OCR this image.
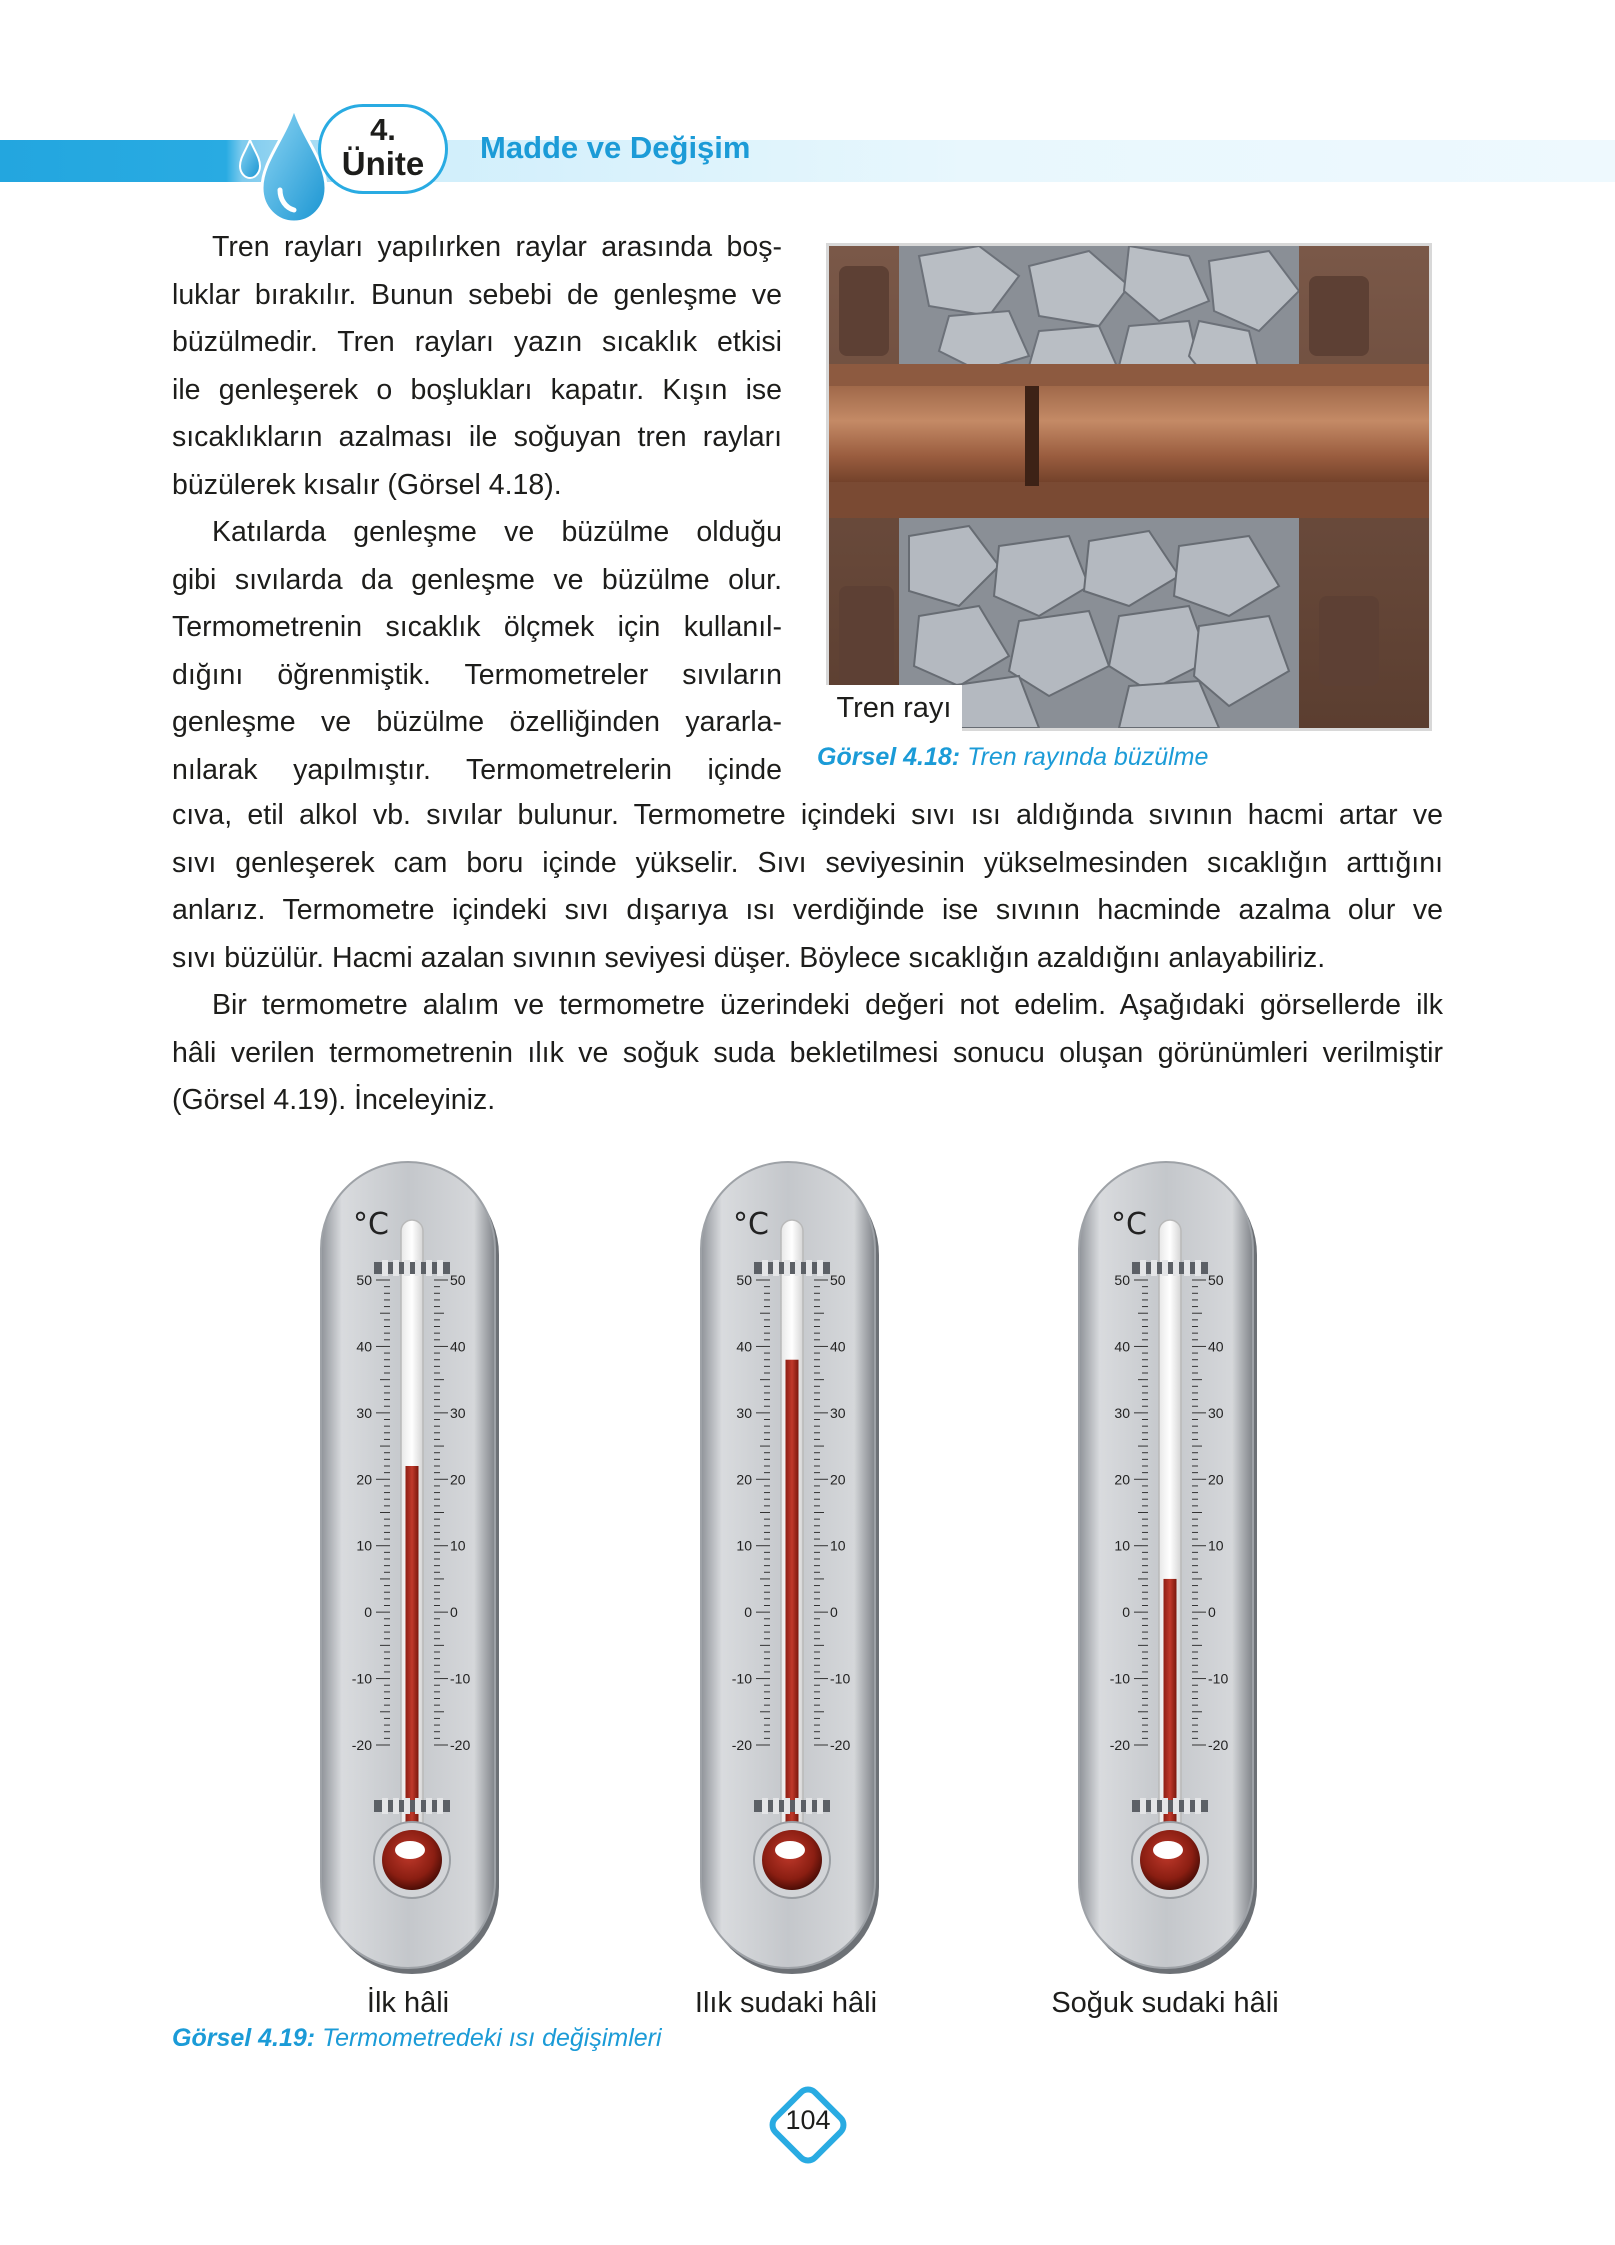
4.
Ünite	Madde ve Değişim

Tren rayları yapılırken raylar arasında boş-
luklar bırakılır. Bunun sebebi de genleşme ve
büzülmedir. Tren rayları yazın sıcaklık etkisi
ile genleşerek o boşlukları kapatır. Kışın ise
sıcaklıkların azalması ile soğuyan tren rayları
büzülerek kısalır (Görsel 4.18).

Katılarda genleşme ve büzülme olduğu
gibi sıvılarda da genleşme ve büzülme olur.
Termometrenin sıcaklık ölçmek için kullanıl-
dığını öğrenmiştik. Termometreler sıvıların
genleşme ve büzülme özelliğinden yararla-
nılarak yapılmıştır. Termometrelerin içinde

Tren rayı
Görsel 4.18: Tren rayında büzülme

cıva, etil alkol vb. sıvılar bulunur. Termometre içindeki sıvı ısı aldığında sıvının hacmi artar ve
sıvı genleşerek cam boru içinde yükselir. Sıvı seviyesinin yükselmesinden sıcaklığın arttığını
anlarız. Termometre içindeki sıvı dışarıya ısı verdiğinde ise sıvının hacminde azalma olur ve
sıvı büzülür. Hacmi azalan sıvının seviyesi düşer. Böylece sıcaklığın azaldığını anlayabiliriz.

Bir termometre alalım ve termometre üzerindeki değeri not edelim. Aşağıdaki görsellerde ilk
hâli verilen termometrenin ılık ve soğuk suda bekletilmesi sonucu oluşan görünümleri verilmiştir
(Görsel 4.19). İnceleyiniz.

°C
50	50
40	40
30	30
20	20
10	10
0	0
-10	-10
-20	-20
°C
50	50
40	40
30	30
20	20
10	10
0	0
-10	-10
-20	-20
°C
50	50
40	40
30	30
20	20
10	10
0	0
-10	-10
-20	-20
İlk hâli	Ilık sudaki hâli	Soğuk sudaki hâli
Görsel 4.19: Termometredeki ısı değişimleri
104
